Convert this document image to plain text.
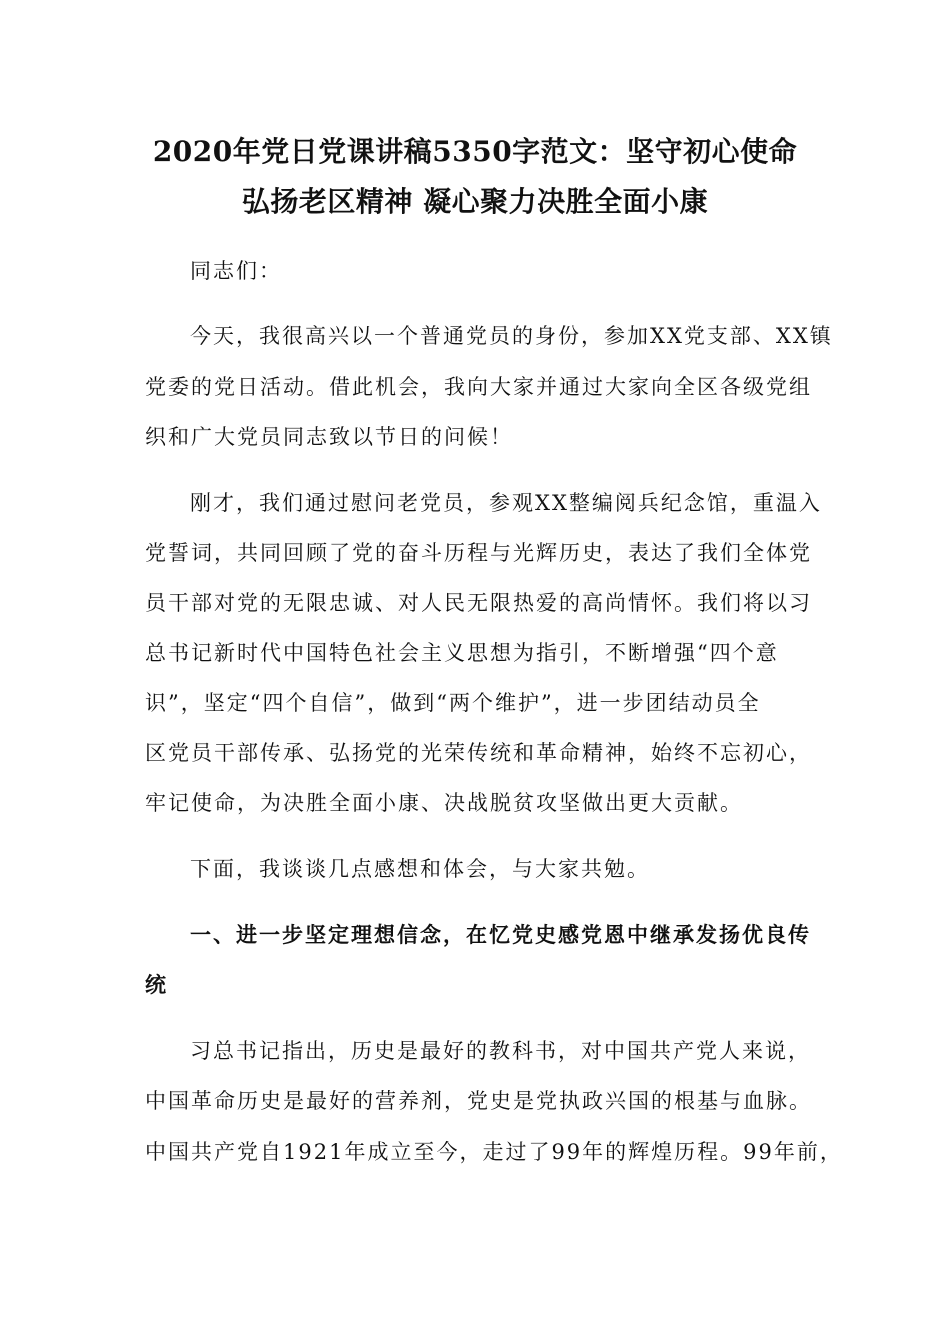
2020年党日党课讲稿5350字范文：坚守初心使命
弘扬老区精神 凝心聚力决胜全面小康
同志们：
今天，我很高兴以一个普通党员的身份，参加XX党支部、XX镇
党委的党日活动。借此机会，我向大家并通过大家向全区各级党组
织和广大党员同志致以节日的问候！
刚才，我们通过慰问老党员，参观XX整编阅兵纪念馆，重温入
党誓词，共同回顾了党的奋斗历程与光辉历史，表达了我们全体党
员干部对党的无限忠诚、对人民无限热爱的高尚情怀。我们将以习
总书记新时代中国特色社会主义思想为指引，不断增强“四个意
识”，坚定“四个自信”，做到“两个维护”，进一步团结动员全
区党员干部传承、弘扬党的光荣传统和革命精神，始终不忘初心，
牢记使命，为决胜全面小康、决战脱贫攻坚做出更大贡献。
下面，我谈谈几点感想和体会，与大家共勉。
一、进一步坚定理想信念，在忆党史感党恩中继承发扬优良传
统
习总书记指出，历史是最好的教科书，对中国共产党人来说，
中国革命历史是最好的营养剂，党史是党执政兴国的根基与血脉。
中国共产党自1921年成立至今，走过了99年的辉煌历程。99年前，
